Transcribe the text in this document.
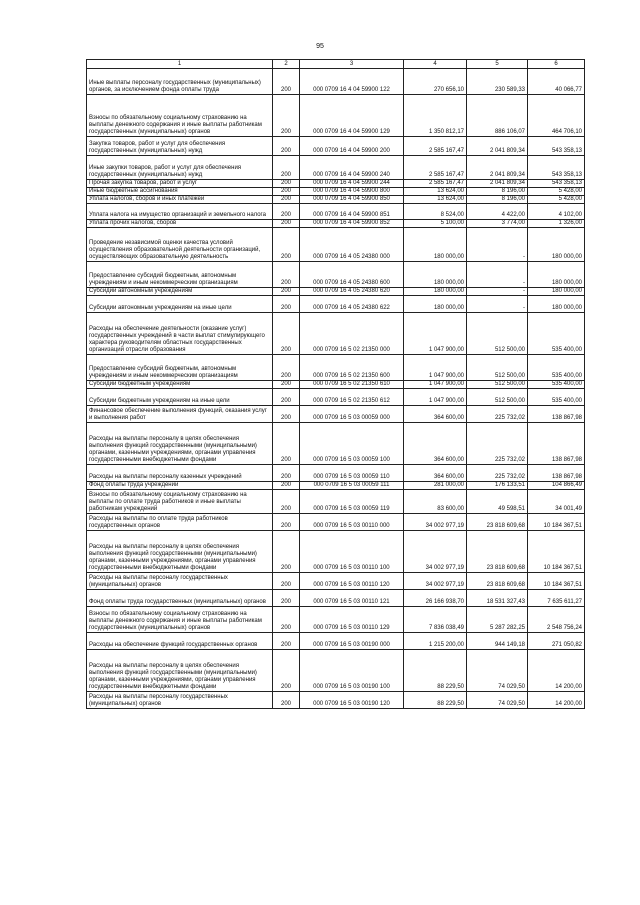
95
1	2	3	4	5	6
Иные выплаты персоналу государственных (муниципальных) органов, за исключением фонда оплаты труда	200	000 0709 16 4 04 59900 122	270 656,10	230 589,33	40 066,77
Взносы по обязательному социальному страхованию на выплаты денежного содержания и иные выплаты работникам государственных (муниципальных) органов	200	000 0709 16 4 04 59900 129	1 350 812,17	886 106,07	464 706,10
Закупка товаров, работ и услуг для обеспечения государственных (муниципальных) нужд	200	000 0709 16 4 04 59900 200	2 585 167,47	2 041 809,34	543 358,13
Иные закупки товаров, работ и услуг для обеспечения государственных (муниципальных) нужд	200	000 0709 16 4 04 59900 240	2 585 167,47	2 041 809,34	543 358,13
Прочая закупка товаров, работ и услуг	200	000 0709 16 4 04 59900 244	2 585 167,47	2 041 809,34	543 358,13
Иные бюджетные ассигнования	200	000 0709 16 4 04 59900 800	13 624,00	8 196,00	5 428,00
Уплата налогов, сборов и иных платежей	200	000 0709 16 4 04 59900 850	13 624,00	8 196,00	5 428,00
Уплата налога на имущество организаций и земельного налога	200	000 0709 16 4 04 59900 851	8 524,00	4 422,00	4 102,00
Уплата прочих налогов, сборов	200	000 0709 16 4 04 59900 852	5 100,00	3 774,00	1 326,00
Проведение независимой оценки качества условий осуществления образовательной деятельности организаций, осуществляющих образовательную деятельность	200	000 0709 16 4 05 24380 000	180 000,00	-	180 000,00
Предоставление субсидий бюджетным, автономным учреждениям и иным некоммерческим организациям	200	000 0709 16 4 05 24380 600	180 000,00	-	180 000,00
Субсидии автономным учреждениям	200	000 0709 16 4 05 24380 620	180 000,00	-	180 000,00
Субсидии автономным учреждениям на иные цели	200	000 0709 16 4 05 24380 622	180 000,00	-	180 000,00
Расходы на обеспечение деятельности (оказание услуг) государственных учреждений в части выплат стимулирующего характера руководителям областных государственных организаций отрасли образования	200	000 0709 16 5 02 21350 000	1 047 900,00	512 500,00	535 400,00
Предоставление субсидий бюджетным, автономным учреждениям и иным некоммерческим организациям	200	000 0709 16 5 02 21350 600	1 047 900,00	512 500,00	535 400,00
Субсидии бюджетным учреждениям	200	000 0709 16 5 02 21350 610	1 047 900,00	512 500,00	535 400,00
Субсидии бюджетным учреждениям на иные цели	200	000 0709 16 5 02 21350 612	1 047 900,00	512 500,00	535 400,00
Финансовое обеспечение выполнения функций, оказания услуг и выполнения работ	200	000 0709 16 5 03 00059 000	364 600,00	225 732,02	138 867,98
Расходы на выплаты персоналу в целях обеспечения выполнения функций государственными (муниципальными) органами, казенными учреждениями, органами управления государственными внебюджетными фондами	200	000 0709 16 5 03 00059 100	364 600,00	225 732,02	138 867,98
Расходы на выплаты персоналу казенных учреждений	200	000 0709 16 5 03 00059 110	364 600,00	225 732,02	138 867,98
Фонд оплаты труда учреждений	200	000 0709 16 5 03 00059 111	281 000,00	176 133,51	104 866,49
Взносы по обязательному социальному страхованию на выплаты по оплате труда работников и иные выплаты работникам учреждений	200	000 0709 16 5 03 00059 119	83 600,00	49 598,51	34 001,49
Расходы на выплаты по оплате труда работников государственных органов	200	000 0709 16 5 03 00110 000	34 002 977,19	23 818 609,68	10 184 367,51
Расходы на выплаты персоналу в целях обеспечения выполнения функций государственными (муниципальными) органами, казенными учреждениями, органами управления государственными внебюджетными фондами	200	000 0709 16 5 03 00110 100	34 002 977,19	23 818 609,68	10 184 367,51
Расходы на выплаты персоналу государственных (муниципальных) органов	200	000 0709 16 5 03 00110 120	34 002 977,19	23 818 609,68	10 184 367,51
Фонд оплаты труда государственных (муниципальных) органов	200	000 0709 16 5 03 00110 121	26 166 938,70	18 531 327,43	7 635 611,27
Взносы по обязательному социальному страхованию на выплаты денежного содержания и иные выплаты работникам государственных (муниципальных) органов	200	000 0709 16 5 03 00110 129	7 836 038,49	5 287 282,25	2 548 756,24
Расходы на обеспечение функций государственных органов	200	000 0709 16 5 03 00190 000	1 215 200,00	944 149,18	271 050,82
Расходы на выплаты персоналу в целях обеспечения выполнения функций государственными (муниципальными) органами, казенными учреждениями, органами управления государственными внебюджетными фондами	200	000 0709 16 5 03 00190 100	88 229,50	74 029,50	14 200,00
Расходы на выплаты персоналу государственных (муниципальных) органов	200	000 0709 16 5 03 00190 120	88 229,50	74 029,50	14 200,00
